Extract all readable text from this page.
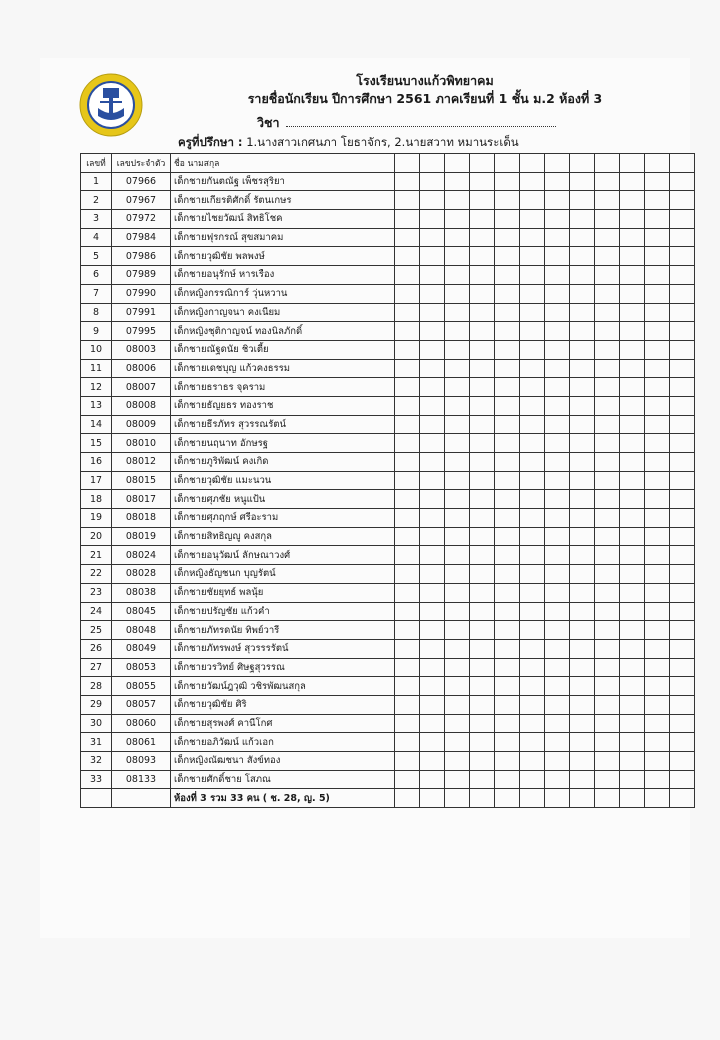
โรงเรียนบางแก้วพิทยาคม
รายชื่อนักเรียน ปีการศึกษา 2561 ภาคเรียนที่ 1 ชั้น ม.2 ห้องที่ 3
วิชา
ครูที่ปรึกษา : 1.นางสาวเกศนภา โยธาจักร, 2.นายสวาท หมานระเด็น
เลขที่	เลขประจำตัว	ชื่อ นามสกุล												
1	07966	เด็กชายกันตณัฐ เพ็ชรสุริยา												
2	07967	เด็กชายเกียรติศักดิ์ รัตนเกษร												
3	07972	เด็กชายไชยวัฒน์ สิทธิโชค												
4	07984	เด็กชายฟุรกรณ์ สุขสมาคม												
5	07986	เด็กชายวุฒิชัย พลพงษ์												
6	07989	เด็กชายอนุรักษ์ หารเรือง												
7	07990	เด็กหญิงกรรณิการ์ วุ่นหวาน												
8	07991	เด็กหญิงกาญจนา คงเนียม												
9	07995	เด็กหญิงชุติกาญจน์ ทองนิลภักดิ์												
10	08003	เด็กชายณัฐดนัย ชิวเตี้ย												
11	08006	เด็กชายเดชบุญ แก้วคงธรรม												
12	08007	เด็กชายธราธร จุคราม												
13	08008	เด็กชายธัญยธร ทองราช												
14	08009	เด็กชายธีรภัทร สุวรรณรัตน์												
15	08010	เด็กชายนฤนาท อักษรฐ												
16	08012	เด็กชายภูริพัฒน์ คงเกิด												
17	08015	เด็กชายวุฒิชัย แมะนวน												
18	08017	เด็กชายศุภชัย หนูแป้น												
19	08018	เด็กชายศุภฤกษ์ ศรีอะราม												
20	08019	เด็กชายสิทธิญญู คงสกุล												
21	08024	เด็กชายอนุวัฒน์ ลักษณาวงศ์												
22	08028	เด็กหญิงธัญชนก บุญรัตน์												
23	08038	เด็กชายชัยยุทธ์ พลนุ้ย												
24	08045	เด็กชายปรัญชัย แก้วคำ												
25	08048	เด็กชายภัทรดนัย ทิพย์วารี												
26	08049	เด็กชายภัทรพงษ์ สุวรรรรัตน์												
27	08053	เด็กชายวรวิทย์ ศิษฐสุวรรณ												
28	08055	เด็กชายวัฒน์ฎวุฒิ วชิรพัฒนสกุล												
29	08057	เด็กชายวุฒิชัย ศิริ												
30	08060	เด็กชายสุรพงศ์ คานีโกศ												
31	08061	เด็กชายอภิวัฒน์ แก้วเอก												
32	08093	เด็กหญิงณัฒชนา สังข์ทอง												
33	08133	เด็กชายศักดิ์ชาย โสภณ												
		ห้องที่ 3 รวม 33 คน ( ช. 28, ญ. 5)												
